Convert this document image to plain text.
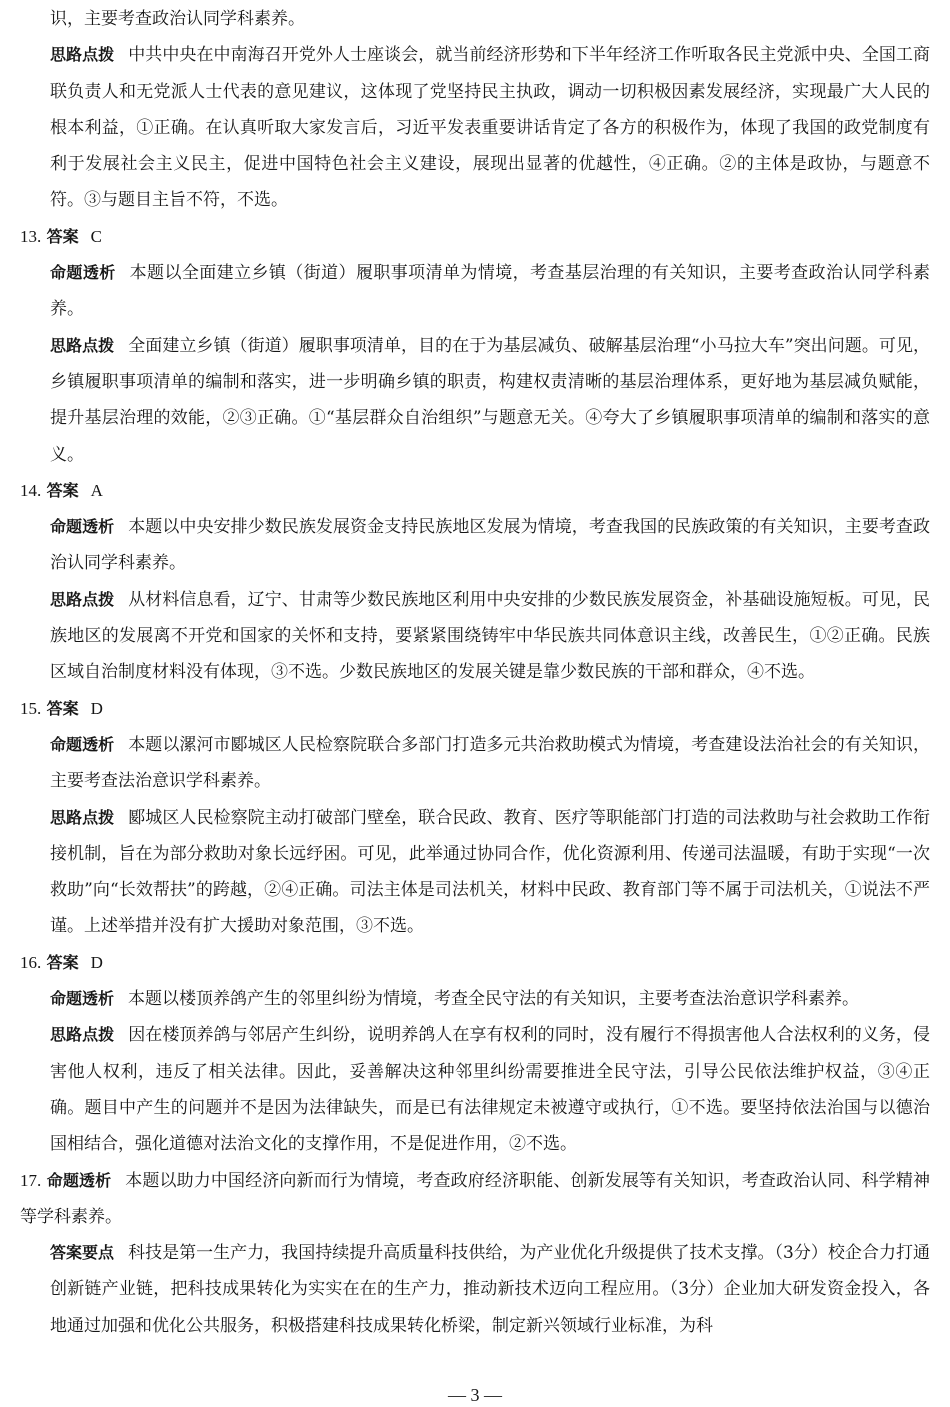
识，主要考查政治认同学科素养。

思路点拨 中共中央在中南海召开党外人士座谈会，就当前经济形势和下半年经济工作听取各民主党派中央、全国工商联负责人和无党派人士代表的意见建议，这体现了党坚持民主执政，调动一切积极因素发展经济，实现最广大人民的根本利益，①正确。在认真听取大家发言后，习近平发表重要讲话肯定了各方的积极作为，体现了我国的政党制度有利于发展社会主义民主，促进中国特色社会主义建设，展现出显著的优越性，④正确。②的主体是政协，与题意不符。③与题目主旨不符，不选。

13. 答案 C

命题透析 本题以全面建立乡镇（街道）履职事项清单为情境，考查基层治理的有关知识，主要考查政治认同学科素养。

思路点拨 全面建立乡镇（街道）履职事项清单，目的在于为基层减负、破解基层治理“小马拉大车”突出问题。可见，乡镇履职事项清单的编制和落实，进一步明确乡镇的职责，构建权责清晰的基层治理体系，更好地为基层减负赋能，提升基层治理的效能，②③正确。①“基层群众自治组织”与题意无关。④夸大了乡镇履职事项清单的编制和落实的意义。

14. 答案 A

命题透析 本题以中央安排少数民族发展资金支持民族地区发展为情境，考查我国的民族政策的有关知识，主要考查政治认同学科素养。

思路点拨 从材料信息看，辽宁、甘肃等少数民族地区利用中央安排的少数民族发展资金，补基础设施短板。可见，民族地区的发展离不开党和国家的关怀和支持，要紧紧围绕铸牢中华民族共同体意识主线，改善民生，①②正确。民族区域自治制度材料没有体现，③不选。少数民族地区的发展关键是靠少数民族的干部和群众，④不选。

15. 答案 D

命题透析 本题以漯河市郾城区人民检察院联合多部门打造多元共治救助模式为情境，考查建设法治社会的有关知识，主要考查法治意识学科素养。

思路点拨 郾城区人民检察院主动打破部门壁垒，联合民政、教育、医疗等职能部门打造的司法救助与社会救助工作衔接机制，旨在为部分救助对象长远纾困。可见，此举通过协同合作，优化资源利用、传递司法温暖，有助于实现“一次救助”向“长效帮扶”的跨越，②④正确。司法主体是司法机关，材料中民政、教育部门等不属于司法机关，①说法不严谨。上述举措并没有扩大援助对象范围，③不选。

16. 答案 D

命题透析 本题以楼顶养鸽产生的邻里纠纷为情境，考查全民守法的有关知识，主要考查法治意识学科素养。

思路点拨 因在楼顶养鸽与邻居产生纠纷，说明养鸽人在享有权利的同时，没有履行不得损害他人合法权利的义务，侵害他人权利，违反了相关法律。因此，妥善解决这种邻里纠纷需要推进全民守法，引导公民依法维护权益，③④正确。题目中产生的问题并不是因为法律缺失，而是已有法律规定未被遵守或执行，①不选。要坚持依法治国与以德治国相结合，强化道德对法治文化的支撑作用，不是促进作用，②不选。

17. 命题透析 本题以助力中国经济向新而行为情境，考查政府经济职能、创新发展等有关知识，考查政治认同、科学精神等学科素养。

答案要点 科技是第一生产力，我国持续提升高质量科技供给，为产业优化升级提供了技术支撑。（3分）校企合力打通创新链产业链，把科技成果转化为实实在在的生产力，推动新技术迈向工程应用。（3分）企业加大研发资金投入，各地通过加强和优化公共服务，积极搭建科技成果转化桥梁，制定新兴领域行业标准，为科

— 3 —
